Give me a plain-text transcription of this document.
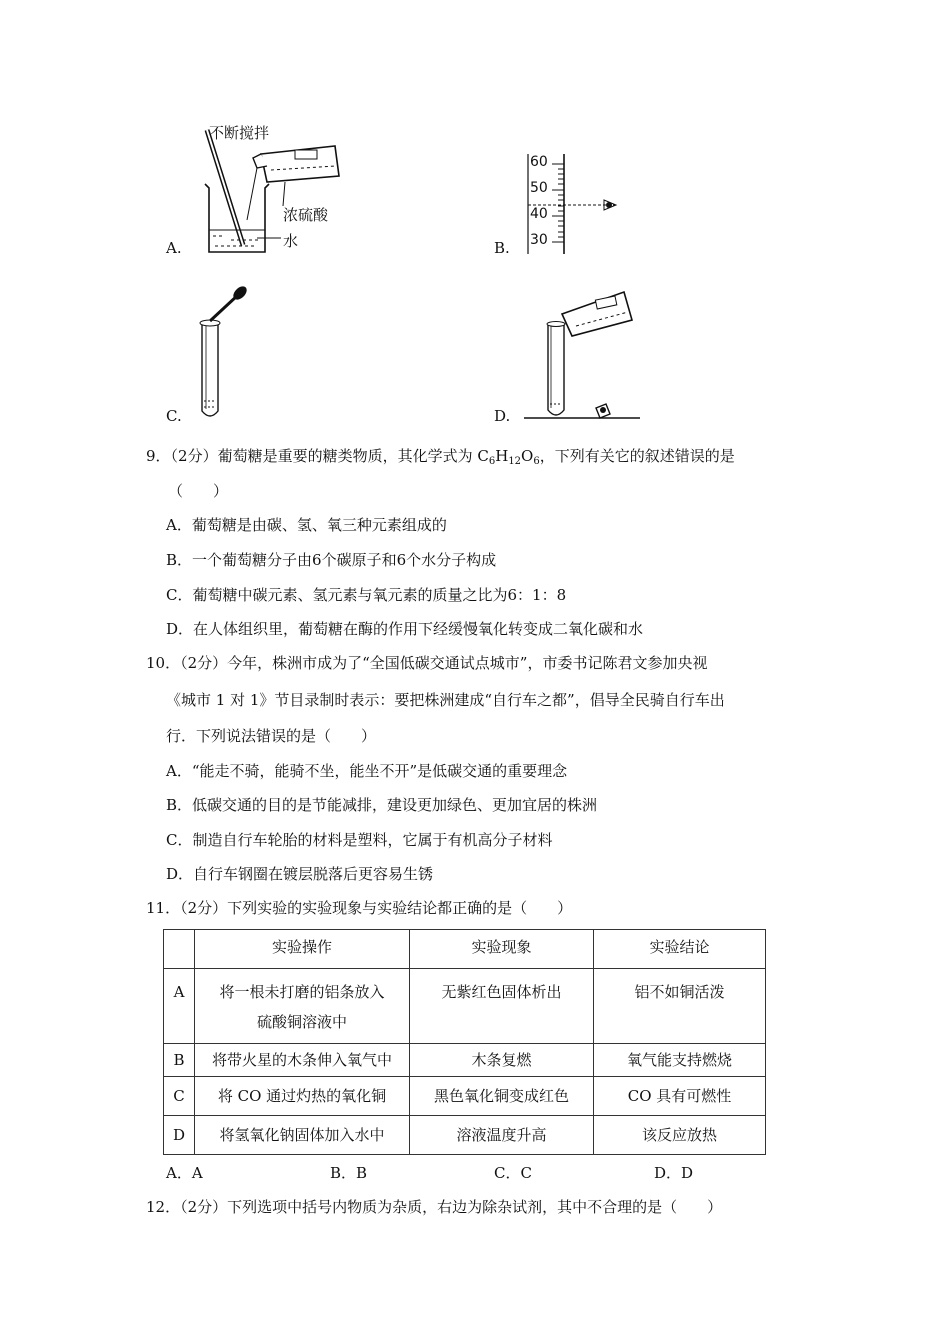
不断搅拌
浓硫酸
水
A.
60
50
40
30
B.
C.	D.
9．（2分）葡萄糖是重要的糖类物质，其化学式为 $C_6H_{12}O_6$，下列有关它的叙述错误的是
（　　）
A．葡萄糖是由碳、氢、氧三种元素组成的
B．一个葡萄糖分子由6个碳原子和6个水分子构成
C．葡萄糖中碳元素、氢元素与氧元素的质量之比为6：1：8
D．在人体组织里，葡萄糖在酶的作用下经缓慢氧化转变成二氧化碳和水
10．（2分）今年，株洲市成为了“全国低碳交通试点城市”，市委书记陈君文参加央视
《城市 1 对 1》节目录制时表示：要把株洲建成“自行车之都”，倡导全民骑自行车出
行．下列说法错误的是（　　）
A．“能走不骑，能骑不坐，能坐不开”是低碳交通的重要理念
B．低碳交通的目的是节能减排，建设更加绿色、更加宜居的株洲
C．制造自行车轮胎的材料是塑料，它属于有机高分子材料
D．自行车钢圈在镀层脱落后更容易生锈
11．（2分）下列实验的实验现象与实验结论都正确的是（　　）
	实验操作	实验现象	实验结论
A	将一根未打磨的铝条放入
硫酸铜溶液中	无紫红色固体析出	铝不如铜活泼
B	将带火星的木条伸入氧气中	木条复燃	氧气能支持燃烧
C	将 CO 通过灼热的氧化铜	黑色氧化铜变成红色	CO 具有可燃性
D	将氢氧化钠固体加入水中	溶液温度升高	该反应放热
A．A	B．B	C．C	D．D
12．（2分）下列选项中括号内物质为杂质，右边为除杂试剂，其中不合理的是（　　）
